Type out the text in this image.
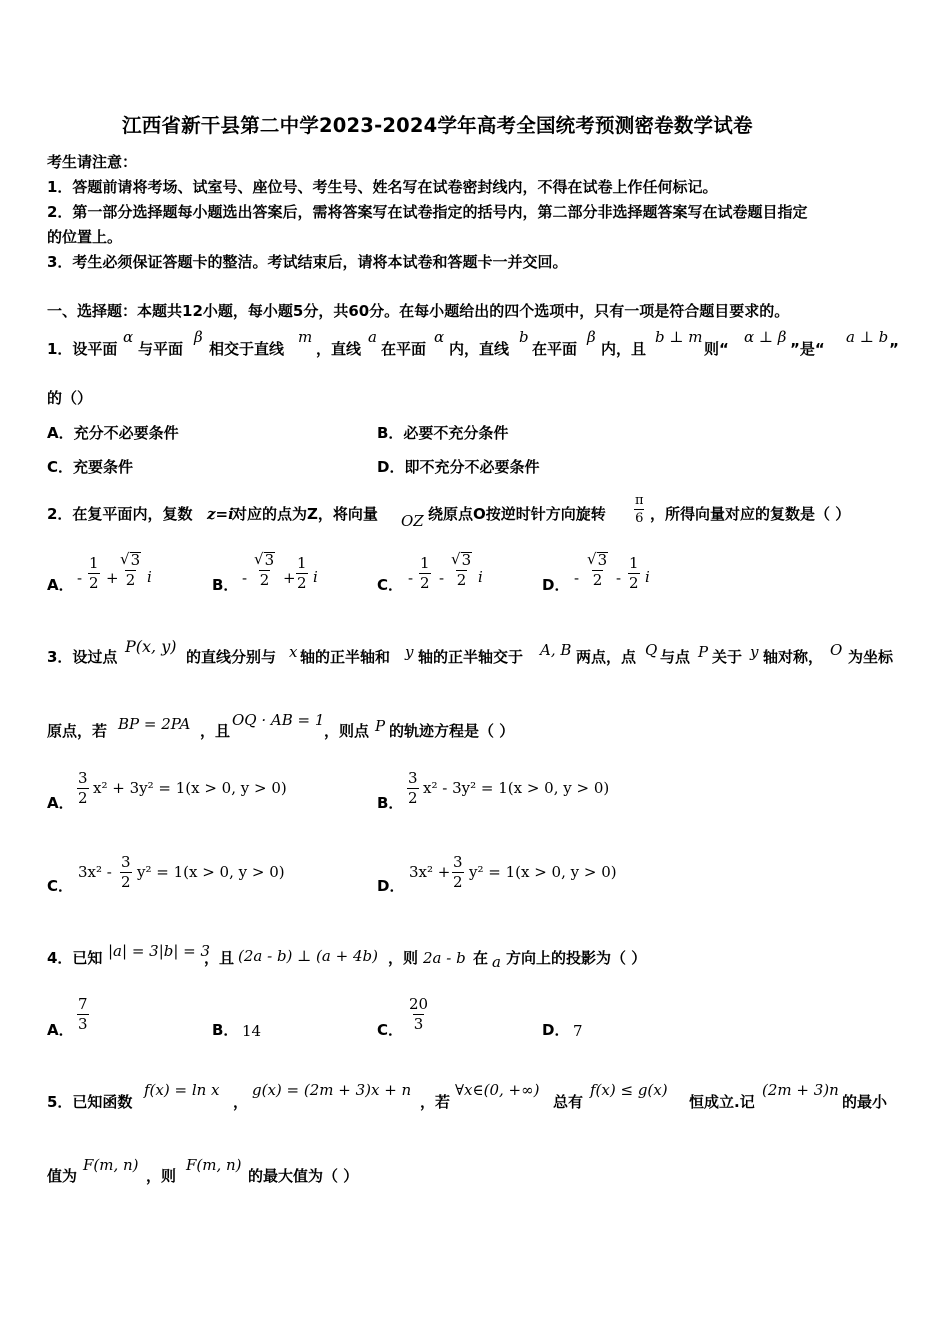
江西省新干县第二中学2023-2024学年高考全国统考预测密卷数学试卷
考生请注意：
1．答题前请将考场、试室号、座位号、考生号、姓名写在试卷密封线内，不得在试卷上作任何标记。
2．第一部分选择题每小题选出答案后，需将答案写在试卷指定的括号内，第二部分非选择题答案写在试卷题目指定
的位置上。
3．考生必须保证答题卡的整洁。考试结束后，请将本试卷和答题卡一并交回。
一、选择题：本题共12小题，每小题5分，共60分。在每小题给出的四个选项中，只有一项是符合题目要求的。
1．设平面
α
与平面
β
相交于直线
m
，直线
a
在平面
α
内，直线
b
在平面
β
内，且
b ⊥ m
则“
α ⊥ β
”是“
a ⊥ b
”
的（）
A．充分不必要条件	B．必要不充分条件
C．充要条件	D．即不充分不必要条件
2．在复平面内，复数 z=i
对应的点为Z，将向量 OZ 绕原点O按逆时针方向旋转 $\frac{\pi}{6}$ ，所得向量对应的复数是（ ）
A． - $\frac{1}{2} + \frac{√ 3}{2}$ i	B． - $\frac{√ 3}{2} + \frac{1}{2}$ i	C． - $\frac{1}{2} - \frac{√ 3}{2}$ i	D． - $\frac{√ 3}{2} - \frac{1}{2}$ i
3．设过点
P(x, y)
的直线分别与 x 轴的正半轴和 y 轴的正半轴交于 A, B 两点，点 Q 与点 P 关于 y 轴对称， O 为坐标
原点，若 BP = 2PA ，且
OQ · AB = 1
，则点 P 的轨迹方程是（ ）
A． $\frac{3}{2} x^2 + 3y^2 = 1(x > 0$, y > 0)
B． $\frac{3}{2} x^2 - 3y^2 = 1(x > 0$, y > 0)
C．
$3x^2 - \frac{3}{2} y^2 = 1(x > 0$, y > 0)
D．
$3x^2 + \frac{3}{2} y^2 = 1(x > 0$, y > 0)
4．已知 |a| = 3|b| = 3
，且 (2a - b) ⊥ (a + 4b) ，则 2a - b 在 a 方向上的投影为（ ）
A． $\frac{7}{3}$	B． 14	C． $\frac{20}{3}$	D． 7
5．已知函数
f(x) = ln x
，
g(x) = (2m + 3)x + n
，若
∀x∈(0, +∞)
总有
f(x) ≤ g(x)
恒成立.记
(2m + 3)n
的最小
值为
F(m, n)
，则
F(m, n)
的最大值为（ ）
